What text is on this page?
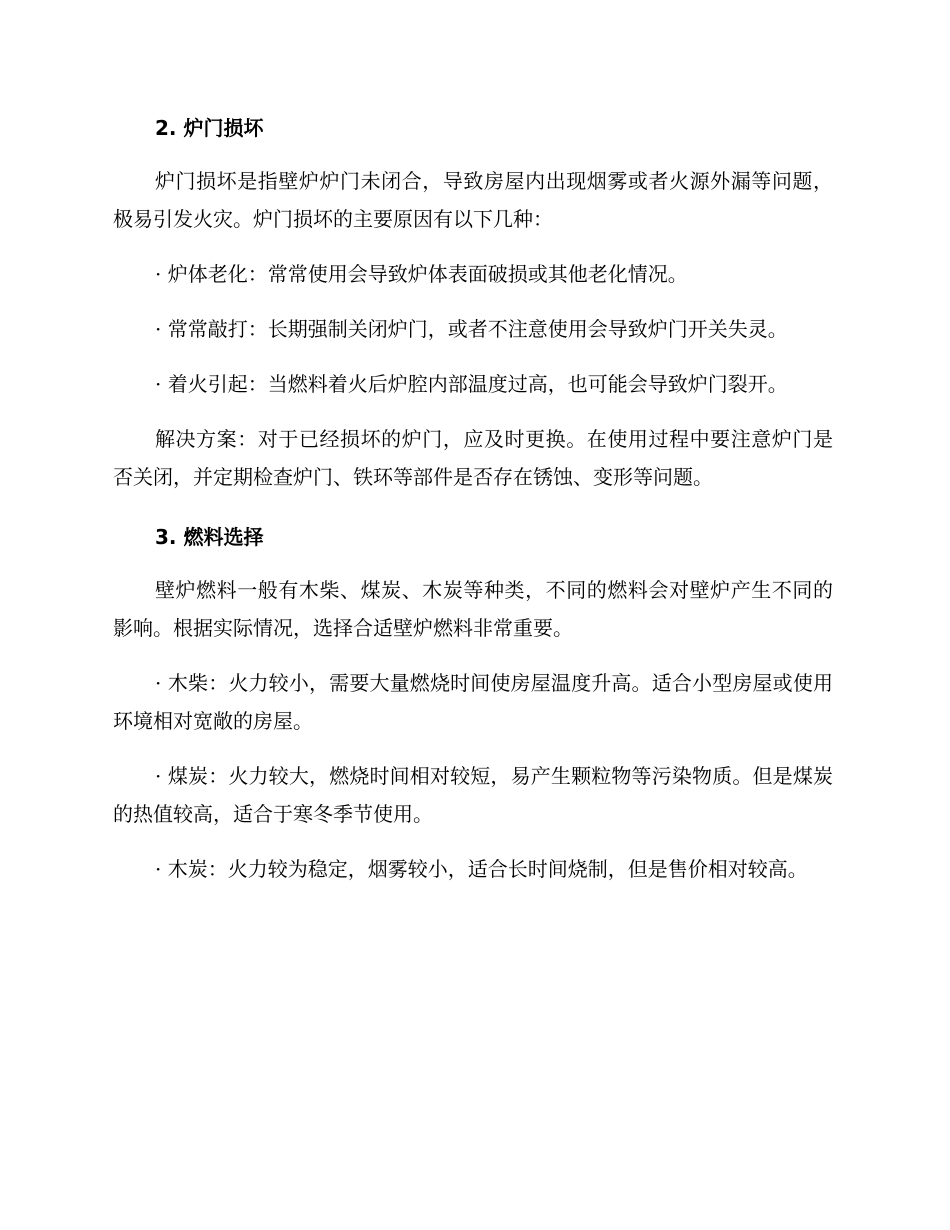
2. 炉门损坏

炉门损坏是指壁炉炉门未闭合，导致房屋内出现烟雾或者火源外漏等问题，极易引发火灾。炉门损坏的主要原因有以下几种：

· 炉体老化：常常使用会导致炉体表面破损或其他老化情况。

· 常常敲打：长期强制关闭炉门，或者不注意使用会导致炉门开关失灵。

· 着火引起：当燃料着火后炉腔内部温度过高，也可能会导致炉门裂开。

解决方案：对于已经损坏的炉门，应及时更换。在使用过程中要注意炉门是否关闭，并定期检查炉门、铁环等部件是否存在锈蚀、变形等问题。

3. 燃料选择

壁炉燃料一般有木柴、煤炭、木炭等种类，不同的燃料会对壁炉产生不同的影响。根据实际情况，选择合适壁炉燃料非常重要。

· 木柴：火力较小，需要大量燃烧时间使房屋温度升高。适合小型房屋或使用环境相对宽敞的房屋。

· 煤炭：火力较大，燃烧时间相对较短，易产生颗粒物等污染物质。但是煤炭的热值较高，适合于寒冬季节使用。

· 木炭：火力较为稳定，烟雾较小，适合长时间烧制，但是售价相对较高。
